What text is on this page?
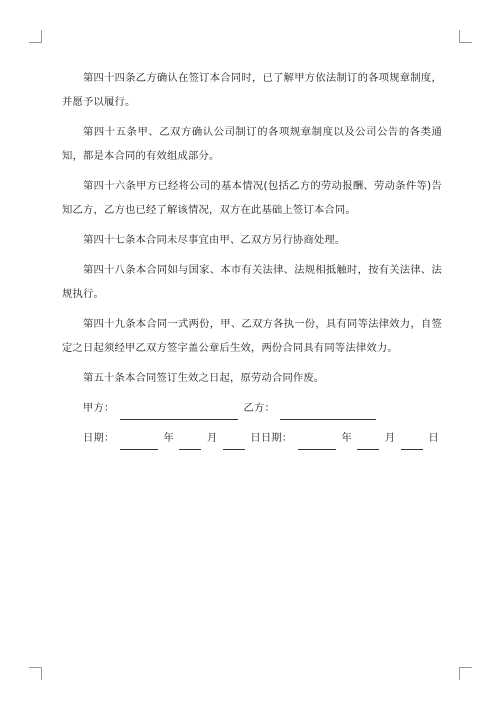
第四十四条乙方确认在签订本合同时，已了解甲方依法制订的各项规章制度，并愿予以履行。

第四十五条甲、乙双方确认公司制订的各项规章制度以及公司公告的各类通知，都是本合同的有效组成部分。

第四十六条甲方已经将公司的基本情况(包括乙方的劳动报酬、劳动条件等)告知乙方，乙方也已经了解该情况，双方在此基础上签订本合同。

第四十七条本合同未尽事宜由甲、乙双方另行协商处理。

第四十八条本合同如与国家、本市有关法律、法规相抵触时，按有关法律、法规执行。

第四十九条本合同一式两份，甲、乙双方各执一份，具有同等法律效力，自签定之日起须经甲乙双方签字盖公章后生效，两份合同具有同等法律效力。

第五十条本合同签订生效之日起，原劳动合同作废。

甲方：	乙方：
日期：	年	月	日日期：	年	月	日
